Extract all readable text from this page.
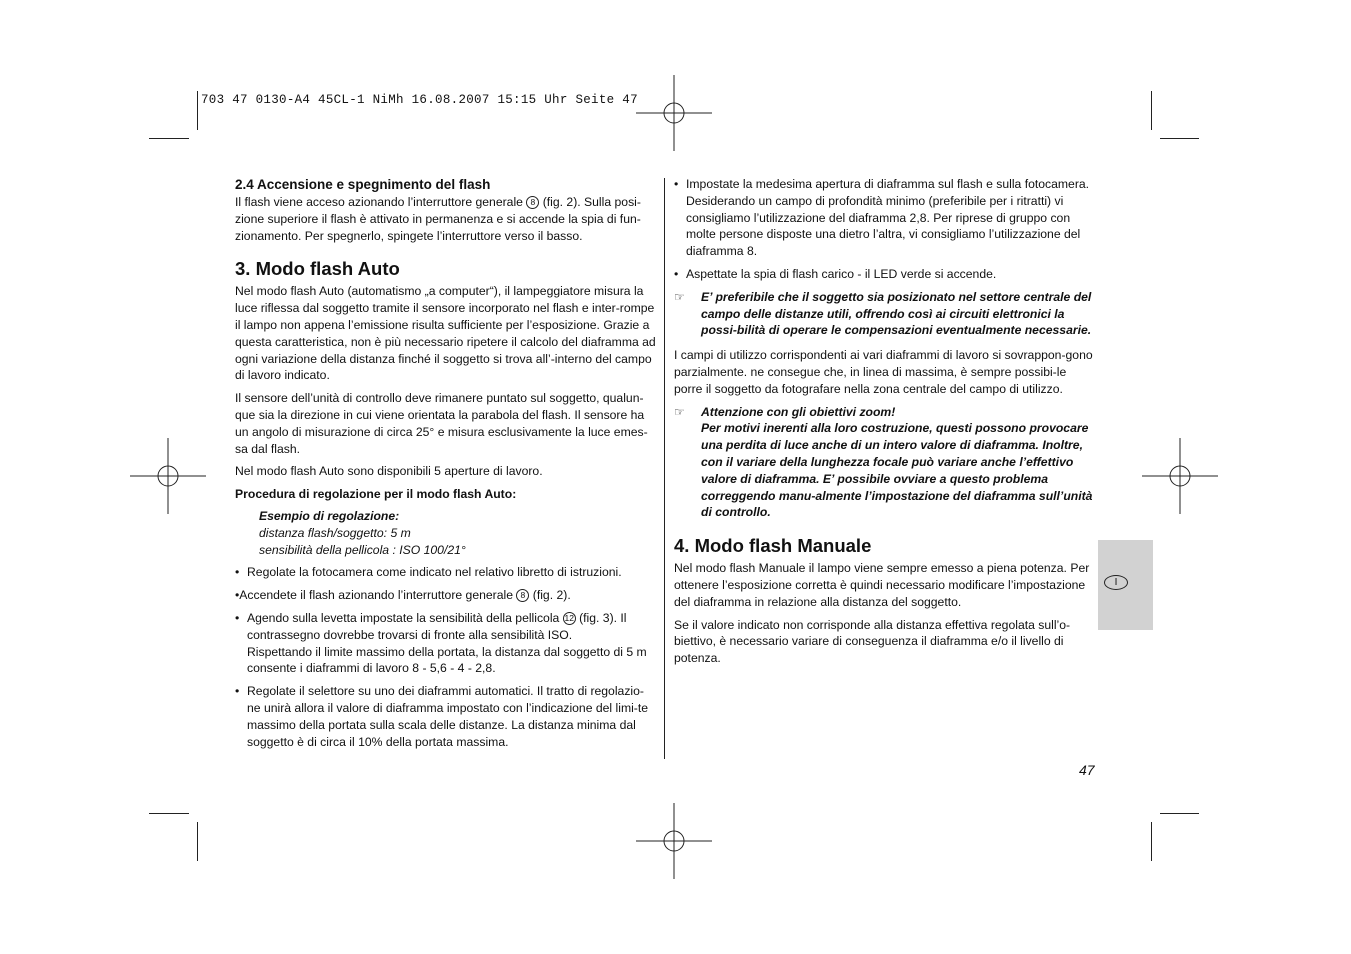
703 47 0130-A4 45CL-1 NiMh 16.08.2007 15:15 Uhr Seite 47

2.4 Accensione e spegnimento del flash

Il flash viene acceso azionando l’interruttore generale 8 (fig. 2). Sulla posi-zione superiore il flash è attivato in permanenza e si accende la spia di fun-zionamento. Per spegnerlo, spingete l’interruttore verso il basso.

3. Modo flash Auto

Nel modo flash Auto (automatismo „a computer“), il lampeggiatore misura la luce riflessa dal soggetto tramite il sensore incorporato nel flash e inter-rompe il lampo non appena l’emissione risulta sufficiente per l’esposizione. Grazie a questa caratteristica, non è più necessario ripetere il calcolo del diaframma ad ogni variazione della distanza finché il soggetto si trova all’-interno del campo di lavoro indicato.

Il sensore dell’unità di controllo deve rimanere puntato sul soggetto, qualun-que sia la direzione in cui viene orientata la parabola del flash. Il sensore ha un angolo di misurazione di circa 25° e misura esclusivamente la luce emes-sa dal flash.

Nel modo flash Auto sono disponibili 5 aperture di lavoro.

Procedura di regolazione per il modo flash Auto:

Esempio di regolazione:

distanza flash/soggetto: 5 m

sensibilità della pellicola : ISO 100/21°

• Regolate la fotocamera come indicato nel relativo libretto di istruzioni.

•Accendete il flash azionando l’interruttore generale 8 (fig. 2).

• Agendo sulla levetta impostate la sensibilità della pellicola 12 (fig. 3). Il contrassegno dovrebbe trovarsi di fronte alla sensibilità ISO.
Rispettando il limite massimo della portata, la distanza dal soggetto di 5 m consente i diaframmi di lavoro 8 - 5,6 - 4 - 2,8.

• Regolate il selettore su uno dei diaframmi automatici. Il tratto di regolazio-ne unirà allora il valore di diaframma impostato con l’indicazione del limi-te massimo della portata sulla scala delle distanze. La distanza minima dal soggetto è di circa il 10% della portata massima.

• Impostate la medesima apertura di diaframma sul flash e sulla fotocamera. Desiderando un campo di profondità minimo (preferibile per i ritratti) vi consigliamo l’utilizzazione del diaframma 2,8. Per riprese di gruppo con molte persone disposte una dietro l’altra, vi consigliamo l’utilizzazione del diaframma 8.

• Aspettate la spia di flash carico - il LED verde si accende.

☞ E’ preferibile che il soggetto sia posizionato nel settore centrale del campo delle distanze utili, offrendo così ai circuiti elettronici la possi-bilità di operare le compensazioni eventualmente necessarie.

I campi di utilizzo corrispondenti ai vari diaframmi di lavoro si sovrappon-gono parzialmente. ne consegue che, in linea di massima, è sempre possibi-le porre il soggetto da fotografare nella zona centrale del campo di utilizzo.

☞ Attenzione con gli obiettivi zoom!

Per motivi inerenti alla loro costruzione, questi possono provocare una perdita di luce anche di un intero valore di diaframma. Inoltre, con il variare della lunghezza focale può variare anche l’effettivo valore di diaframma. E’ possibile ovviare a questo problema correggendo manu-almente l’impostazione del diaframma sull’unità di controllo.

4. Modo flash Manuale

Nel modo flash Manuale il lampo viene sempre emesso a piena potenza. Per ottenere l’esposizione corretta è quindi necessario modificare l’impostazione del diaframma in relazione alla distanza del soggetto.

Se il valore indicato non corrisponde alla distanza effettiva regolata sull’o-biettivo, è necessario variare di conseguenza il diaframma e/o il livello di potenza.

I
47
